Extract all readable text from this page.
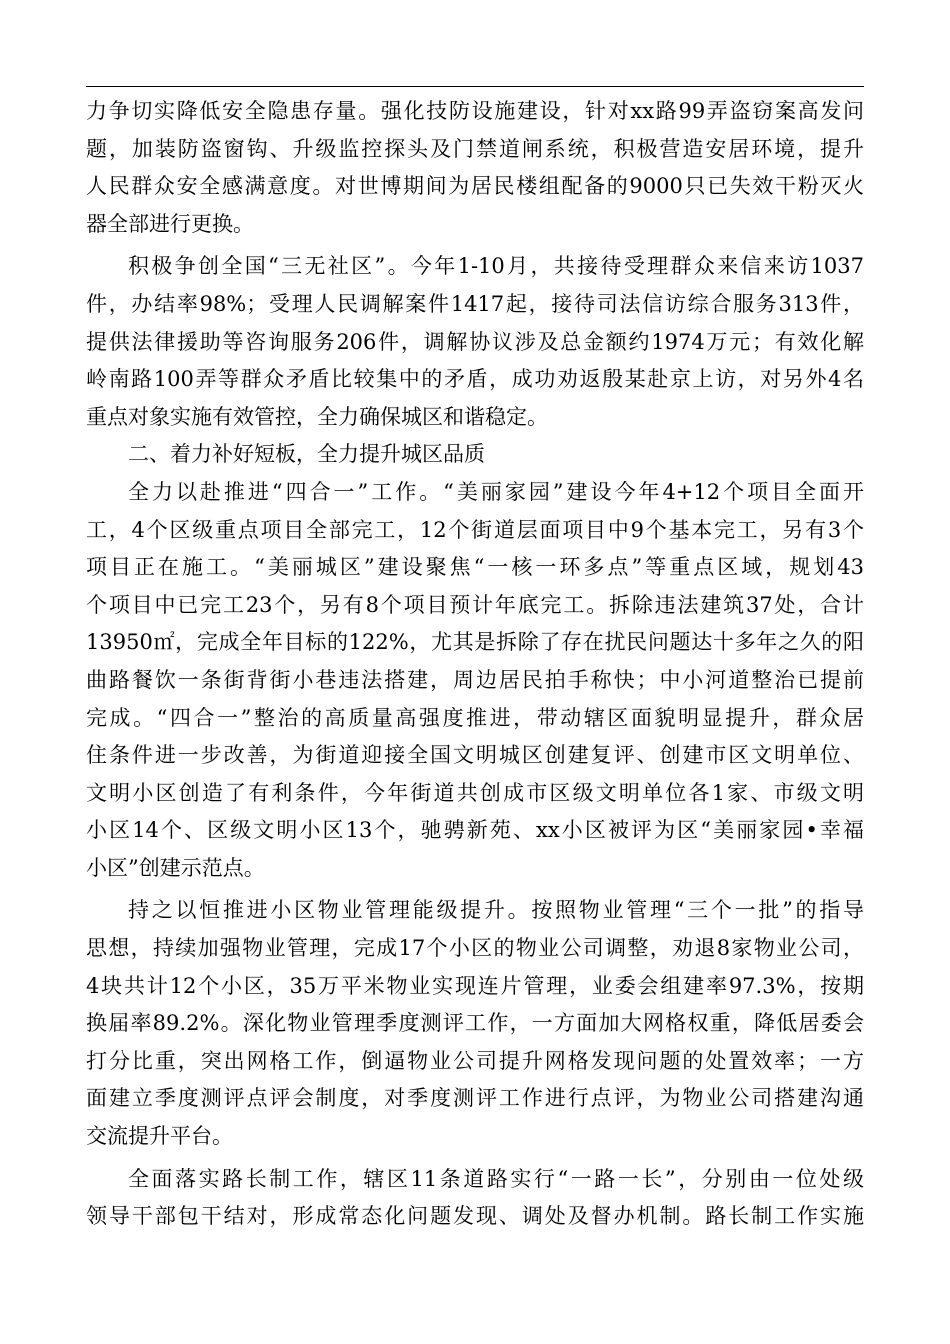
力争切实降低安全隐患存量。强化技防设施建设，针对xx路99弄盗窃案高发问
题，加装防盗窗钩、升级监控探头及门禁道闸系统，积极营造安居环境，提升
人民群众安全感满意度。对世博期间为居民楼组配备的9000只已失效干粉灭火
器全部进行更换。
积极争创全国“三无社区”。今年1-10月，共接待受理群众来信来访1037
件，办结率98%；受理人民调解案件1417起，接待司法信访综合服务313件，
提供法律援助等咨询服务206件，调解协议涉及总金额约1974万元；有效化解
岭南路100弄等群众矛盾比较集中的矛盾，成功劝返殷某赴京上访，对另外4名
重点对象实施有效管控，全力确保城区和谐稳定。
二、着力补好短板，全力提升城区品质
全力以赴推进“四合一”工作。“美丽家园”建设今年4+12个项目全面开
工，4个区级重点项目全部完工，12个街道层面项目中9个基本完工，另有3个
项目正在施工。“美丽城区”建设聚焦“一核一环多点”等重点区域，规划43
个项目中已完工23个，另有8个项目预计年底完工。拆除违法建筑37处，合计
13950㎡，完成全年目标的122%，尤其是拆除了存在扰民问题达十多年之久的阳
曲路餐饮一条街背街小巷违法搭建，周边居民拍手称快；中小河道整治已提前
完成。“四合一”整治的高质量高强度推进，带动辖区面貌明显提升，群众居
住条件进一步改善，为街道迎接全国文明城区创建复评、创建市区文明单位、
文明小区创造了有利条件，今年街道共创成市区级文明单位各1家、市级文明
小区14个、区级文明小区13个，驰骋新苑、xx小区被评为区“美丽家园•幸福
小区”创建示范点。
持之以恒推进小区物业管理能级提升。按照物业管理“三个一批”的指导
思想，持续加强物业管理，完成17个小区的物业公司调整，劝退8家物业公司，
4块共计12个小区，35万平米物业实现连片管理，业委会组建率97.3%，按期
换届率89.2%。深化物业管理季度测评工作，一方面加大网格权重，降低居委会
打分比重，突出网格工作，倒逼物业公司提升网格发现问题的处置效率；一方
面建立季度测评点评会制度，对季度测评工作进行点评，为物业公司搭建沟通
交流提升平台。
全面落实路长制工作，辖区11条道路实行“一路一长”，分别由一位处级
领导干部包干结对，形成常态化问题发现、调处及督办机制。路长制工作实施
